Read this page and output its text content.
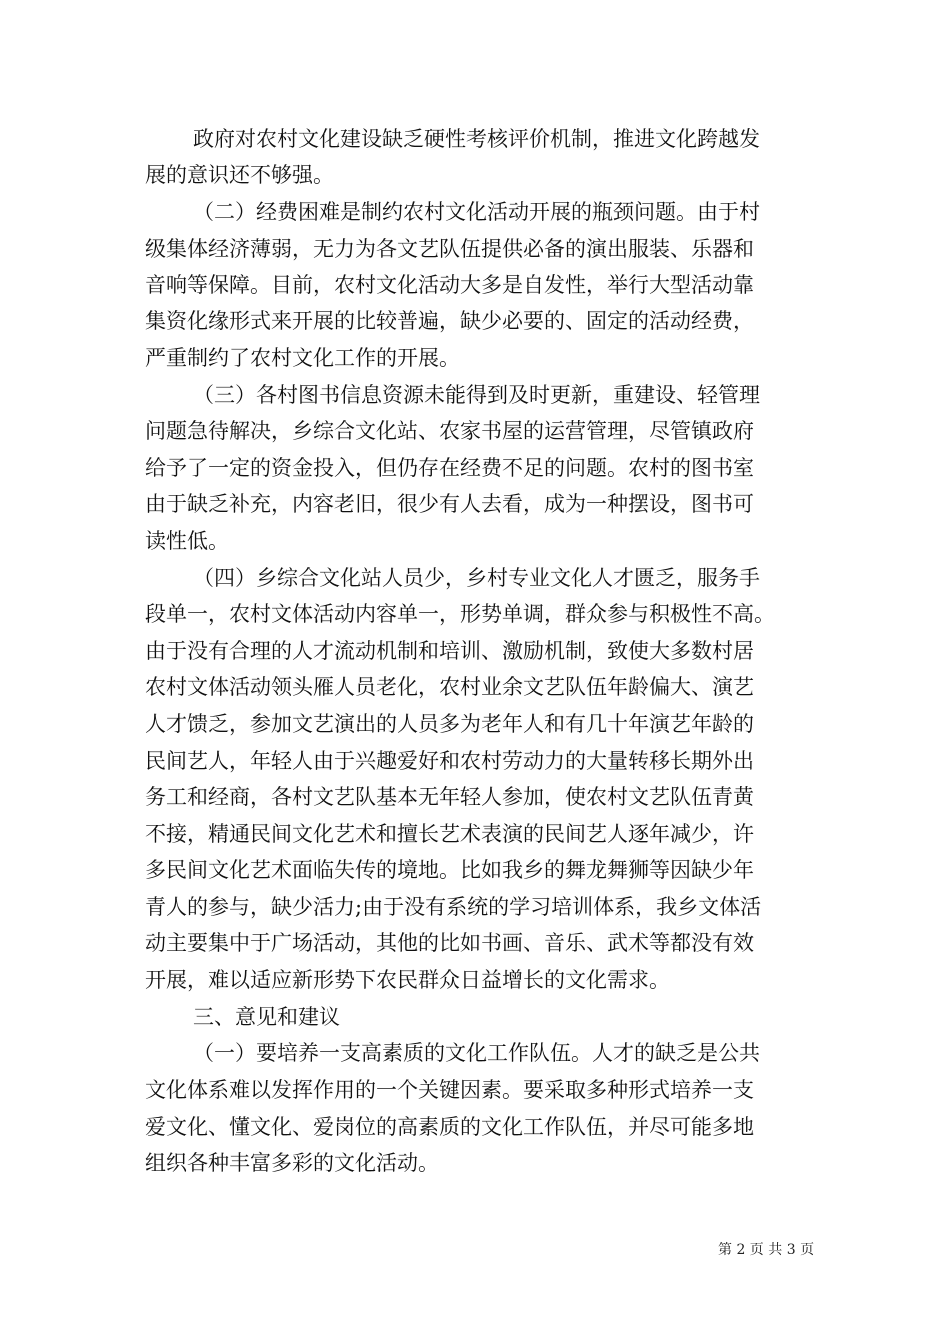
政府对农村文化建设缺乏硬性考核评价机制，推进文化跨越发
展的意识还不够强。
（二）经费困难是制约农村文化活动开展的瓶颈问题。由于村
级集体经济薄弱，无力为各文艺队伍提供必备的演出服装、乐器和
音响等保障。目前，农村文化活动大多是自发性，举行大型活动靠
集资化缘形式来开展的比较普遍，缺少必要的、固定的活动经费，
严重制约了农村文化工作的开展。
（三）各村图书信息资源未能得到及时更新，重建设、轻管理
问题急待解决，乡综合文化站、农家书屋的运营管理，尽管镇政府
给予了一定的资金投入，但仍存在经费不足的问题。农村的图书室
由于缺乏补充，内容老旧，很少有人去看，成为一种摆设，图书可
读性低。
（四）乡综合文化站人员少，乡村专业文化人才匮乏，服务手
段单一，农村文体活动内容单一，形势单调，群众参与积极性不高。
由于没有合理的人才流动机制和培训、激励机制，致使大多数村居
农村文体活动领头雁人员老化，农村业余文艺队伍年龄偏大、演艺
人才馈乏，参加文艺演出的人员多为老年人和有几十年演艺年龄的
民间艺人，年轻人由于兴趣爱好和农村劳动力的大量转移长期外出
务工和经商，各村文艺队基本无年轻人参加，使农村文艺队伍青黄
不接，精通民间文化艺术和擅长艺术表演的民间艺人逐年减少，许
多民间文化艺术面临失传的境地。比如我乡的舞龙舞狮等因缺少年
青人的参与，缺少活力;由于没有系统的学习培训体系，我乡文体活
动主要集中于广场活动，其他的比如书画、音乐、武术等都没有效
开展，难以适应新形势下农民群众日益增长的文化需求。
三、意见和建议
（一）要培养一支高素质的文化工作队伍。人才的缺乏是公共
文化体系难以发挥作用的一个关键因素。要采取多种形式培养一支
爱文化、懂文化、爱岗位的高素质的文化工作队伍，并尽可能多地
组织各种丰富多彩的文化活动。
第 2 页 共 3 页
